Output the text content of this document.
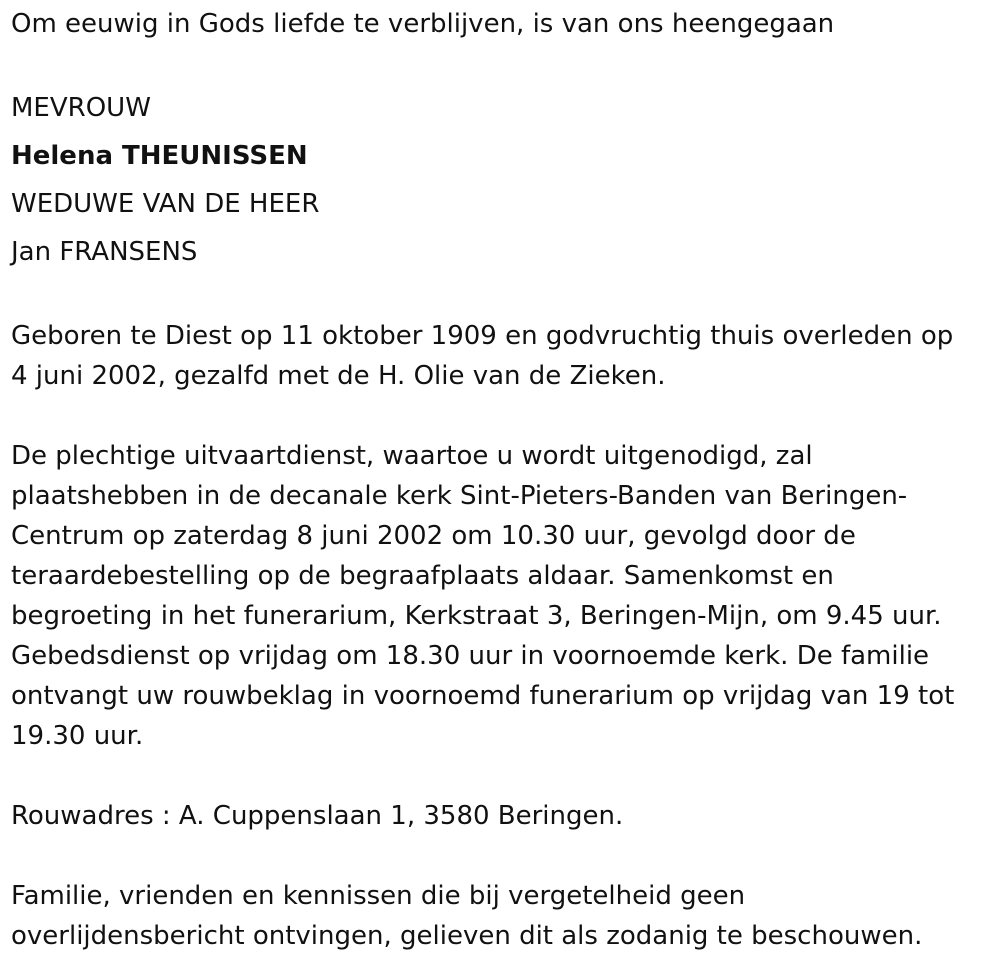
Om eeuwig in Gods liefde te verblijven, is van ons heengegaan

MEVROUW

Helena THEUNISSEN

WEDUWE VAN DE HEER

Jan FRANSENS

Geboren te Diest op 11 oktober 1909 en godvruchtig thuis overleden op

4 juni 2002, gezalfd met de H. Olie van de Zieken.

De plechtige uitvaartdienst, waartoe u wordt uitgenodigd, zal

plaatshebben in de decanale kerk Sint-Pieters-Banden van Beringen-

Centrum op zaterdag 8 juni 2002 om 10.30 uur, gevolgd door de

teraardebestelling op de begraafplaats aldaar. Samenkomst en

begroeting in het funerarium, Kerkstraat 3, Beringen-Mijn, om 9.45 uur.

Gebedsdienst op vrijdag om 18.30 uur in voornoemde kerk. De familie

ontvangt uw rouwbeklag in voornoemd funerarium op vrijdag van 19 tot

19.30 uur.

Rouwadres : A. Cuppenslaan 1, 3580 Beringen.

Familie, vrienden en kennissen die bij vergetelheid geen

overlijdensbericht ontvingen, gelieven dit als zodanig te beschouwen.
